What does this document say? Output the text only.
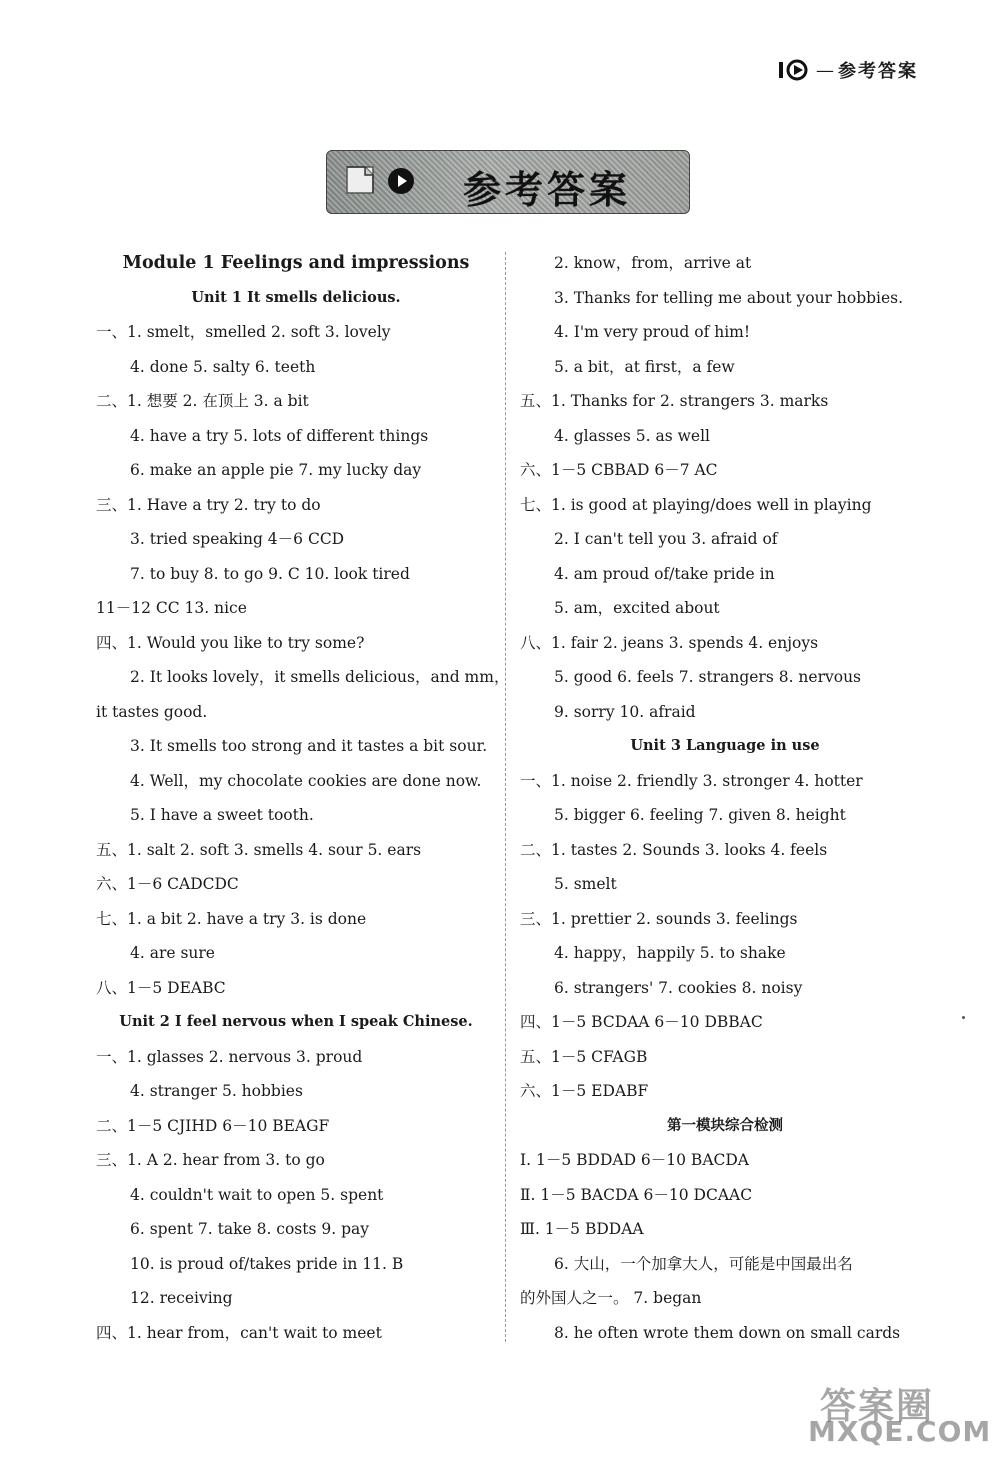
— 参考答案
参考答案
Module 1 Feelings and impressions
Unit 1 It smells delicious.
一、1. smelt，smelled 2. soft 3. lovely
4. done 5. salty 6. teeth
二、1. 想要 2. 在顶上 3. a bit
4. have a try 5. lots of different things
6. make an apple pie 7. my lucky day
三、1. Have a try 2. try to do
3. tried speaking 4－6 CCD
7. to buy 8. to go 9. C 10. look tired
11－12 CC 13. nice
四、1. Would you like to try some?
2. It looks lovely，it smells delicious，and mm，
it tastes good.
3. It smells too strong and it tastes a bit sour.
4. Well，my chocolate cookies are done now.
5. I have a sweet tooth.
五、1. salt 2. soft 3. smells 4. sour 5. ears
六、1－6 CADCDC
七、1. a bit 2. have a try 3. is done
4. are sure
八、1－5 DEABC
Unit 2 I feel nervous when I speak Chinese.
一、1. glasses 2. nervous 3. proud
4. stranger 5. hobbies
二、1－5 CJIHD 6－10 BEAGF
三、1. A 2. hear from 3. to go
4. couldn't wait to open 5. spent
6. spent 7. take 8. costs 9. pay
10. is proud of/takes pride in 11. B
12. receiving
四、1. hear from，can't wait to meet
2. know，from，arrive at
3. Thanks for telling me about your hobbies.
4. I'm very proud of him!
5. a bit，at first，a few
五、1. Thanks for 2. strangers 3. marks
4. glasses 5. as well
六、1－5 CBBAD 6－7 AC
七、1. is good at playing/does well in playing
2. I can't tell you 3. afraid of
4. am proud of/take pride in
5. am，excited about
八、1. fair 2. jeans 3. spends 4. enjoys
5. good 6. feels 7. strangers 8. nervous
9. sorry 10. afraid
Unit 3 Language in use
一、1. noise 2. friendly 3. stronger 4. hotter
5. bigger 6. feeling 7. given 8. height
二、1. tastes 2. Sounds 3. looks 4. feels
5. smelt
三、1. prettier 2. sounds 3. feelings
4. happy，happily 5. to shake
6. strangers' 7. cookies 8. noisy
四、1－5 BCDAA 6－10 DBBAC
五、1－5 CFAGB
六、1－5 EDABF
第一模块综合检测
Ⅰ. 1－5 BDDAD 6－10 BACDA
Ⅱ. 1－5 BACDA 6－10 DCAAC
Ⅲ. 1－5 BDDAA
6. 大山，一个加拿大人，可能是中国最出名
的外国人之一。 7. began
8. he often wrote them down on small cards
答案圈
MXQE.COM
